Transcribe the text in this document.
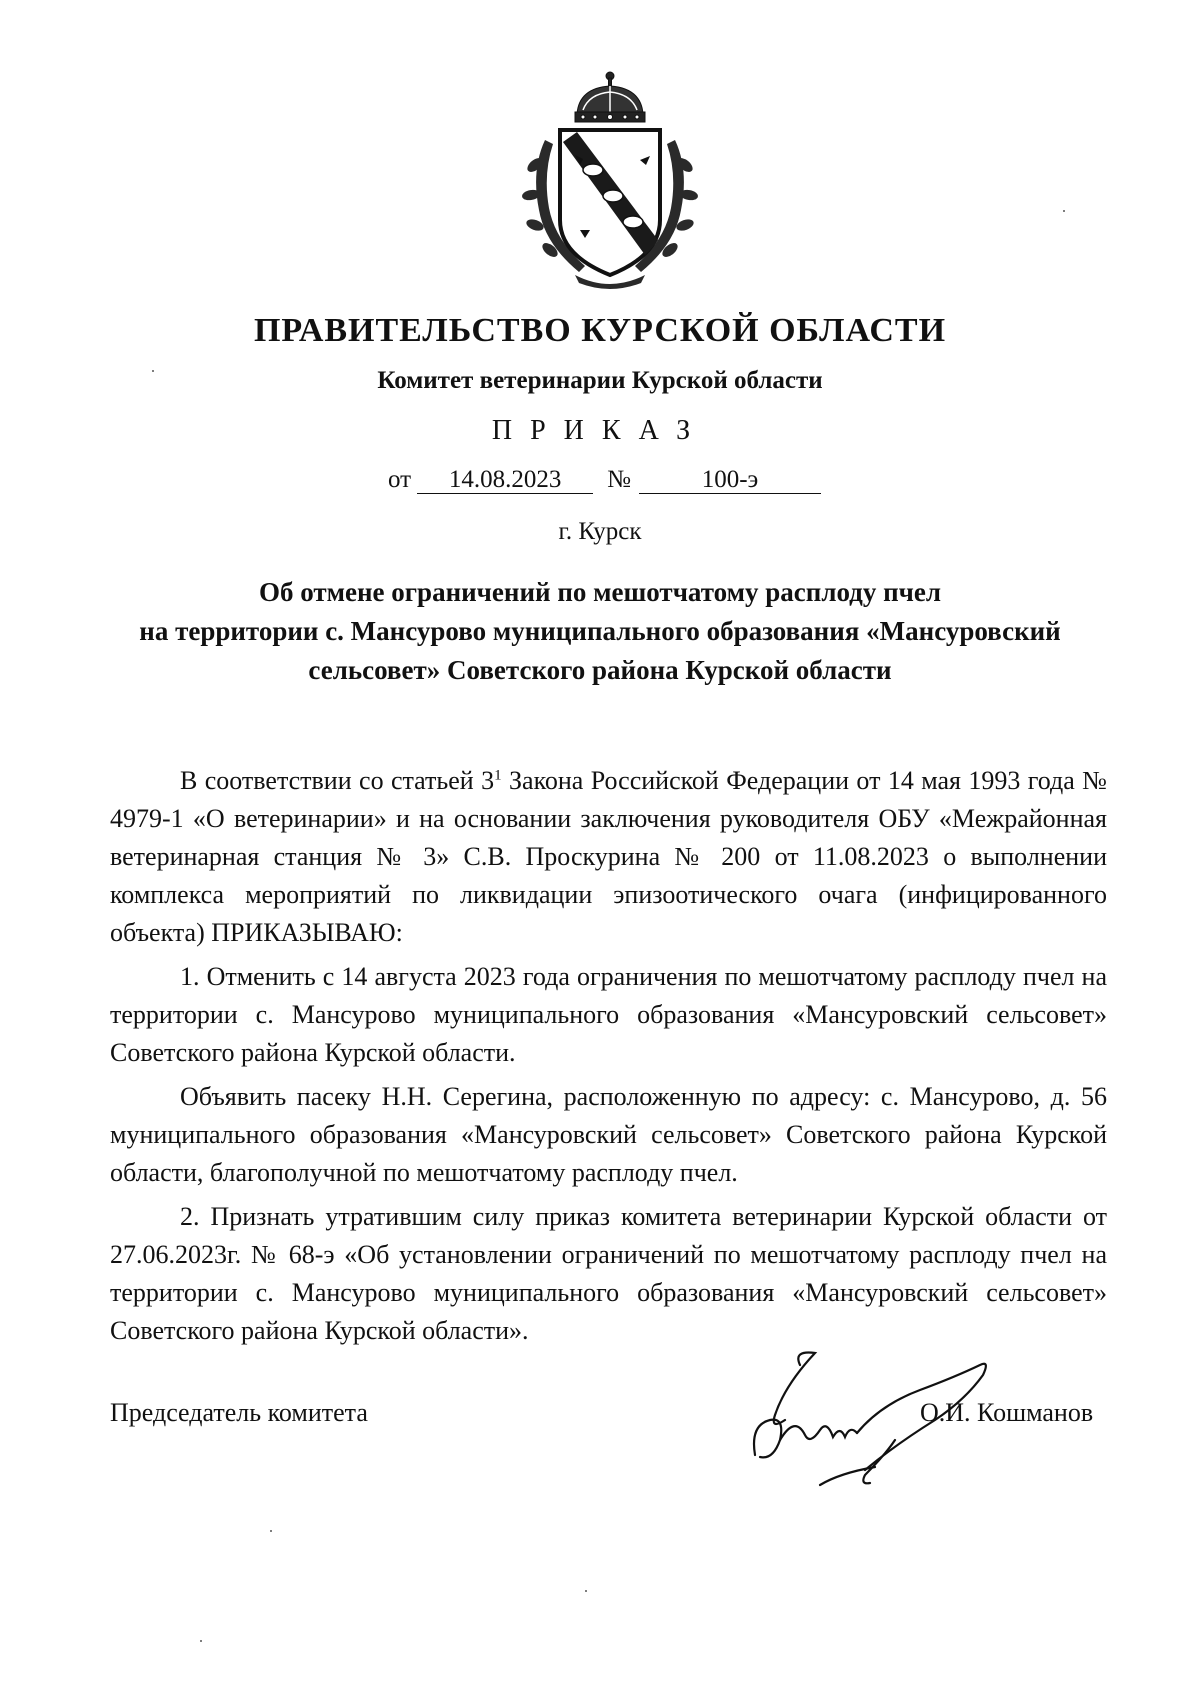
ПРАВИТЕЛЬСТВО КУРСКОЙ ОБЛАСТИ
Комитет ветеринарии Курской области
ПРИКАЗ
от 14.08.2023 №	100-э
г. Курск
Об отмене ограничений по мешотчатому расплоду пчел
на территории с. Мансурово муниципального образования «Мансуровский
сельсовет» Советского района Курской области

В соответствии со статьей $3^1$ Закона Российской Федерации от 14 мая 1993 года № 4979-1 «О ветеринарии» и на основании заключения руководителя ОБУ «Межрайонная ветеринарная станция № 3» С.В. Проскурина № 200 от 11.08.2023 о выполнении комплекса мероприятий по ликвидации эпизоотического очага (инфицированного объекта) ПРИКАЗЫВАЮ:

1. Отменить с 14 августа 2023 года ограничения по мешотчатому расплоду пчел на территории с. Мансурово муниципального образования «Мансуровский сельсовет» Советского района Курской области.

Объявить пасеку Н.Н. Серегина, расположенную по адресу: с. Мансурово, д. 56 муниципального образования «Мансуровский сельсовет» Советского района Курской области, благополучной по мешотчатому расплоду пчел.

2. Признать утратившим силу приказ комитета ветеринарии Курской области от 27.06.2023г. № 68-э «Об установлении ограничений по мешотчатому расплоду пчел на территории с. Мансурово муниципального образования «Мансуровский сельсовет» Советского района Курской области».

Председатель комитета	О.И. Кошманов
